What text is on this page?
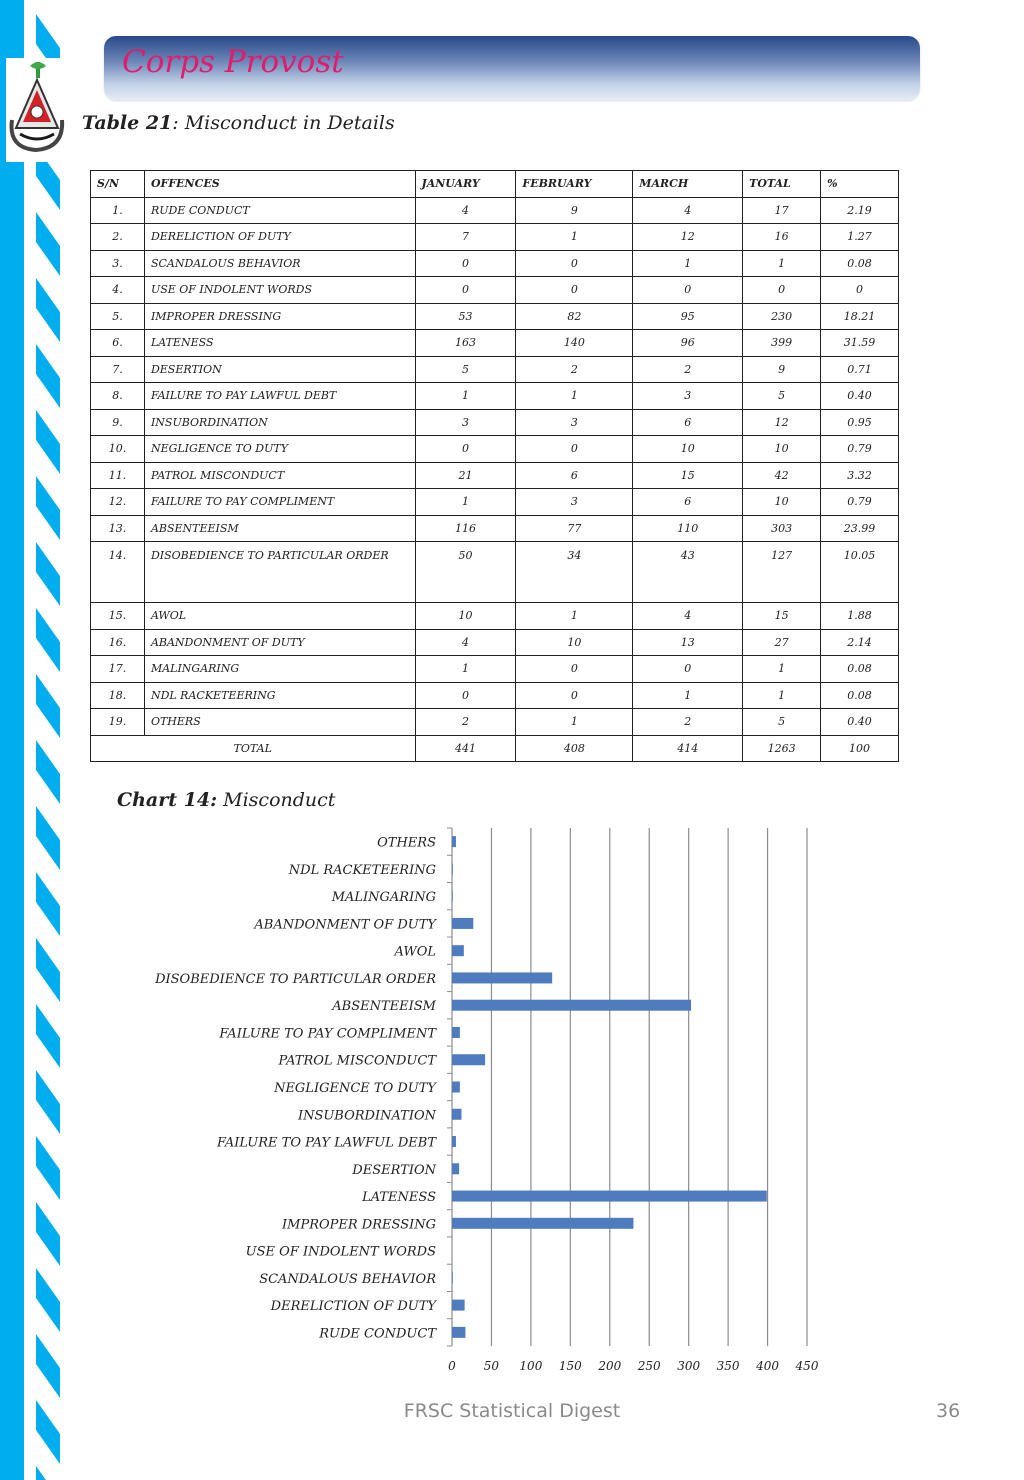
Corps Provost
Table 21: Misconduct in Details
S/N	OFFENCES	JANUARY	FEBRUARY	MARCH	TOTAL	%
1.	RUDE CONDUCT	4	9	4	17	2.19
2.	DERELICTION OF DUTY	7	1	12	16	1.27
3.	SCANDALOUS BEHAVIOR	0	0	1	1	0.08
4.	USE OF INDOLENT WORDS	0	0	0	0	0
5.	IMPROPER DRESSING	53	82	95	230	18.21
6.	LATENESS	163	140	96	399	31.59
7.	DESERTION	5	2	2	9	0.71
8.	FAILURE TO PAY LAWFUL DEBT	1	1	3	5	0.40
9.	INSUBORDINATION	3	3	6	12	0.95
10.	NEGLIGENCE TO DUTY	0	0	10	10	0.79
11.	PATROL MISCONDUCT	21	6	15	42	3.32
12.	FAILURE TO PAY COMPLIMENT	1	3	6	10	0.79
13.	ABSENTEEISM	116	77	110	303	23.99
14.	DISOBEDIENCE TO PARTICULAR ORDER	50	34	43	127	10.05
15.	AWOL	10	1	4	15	1.88
16.	ABANDONMENT OF DUTY	4	10	13	27	2.14
17.	MALINGARING	1	0	0	1	0.08
18.	NDL RACKETEERING	0	0	1	1	0.08
19.	OTHERS	2	1	2	5	0.40
TOTAL		441	408	414	1263	100
Chart 14: Misconduct
0 50 100 150 200 250 300 350 400 450
RUDE CONDUCT
DERELICTION OF DUTY
SCANDALOUS BEHAVIOR
USE OF INDOLENT WORDS
IMPROPER DRESSING
LATENESS
DESERTION
FAILURE TO PAY LAWFUL DEBT
INSUBORDINATION
NEGLIGENCE TO DUTY
PATROL MISCONDUCT
FAILURE TO PAY COMPLIMENT
ABSENTEEISM
DISOBEDIENCE TO PARTICULAR ORDER
AWOL
ABANDONMENT OF DUTY
MALINGARING
NDL RACKETEERING
OTHERS
FRSC Statistical Digest	36
